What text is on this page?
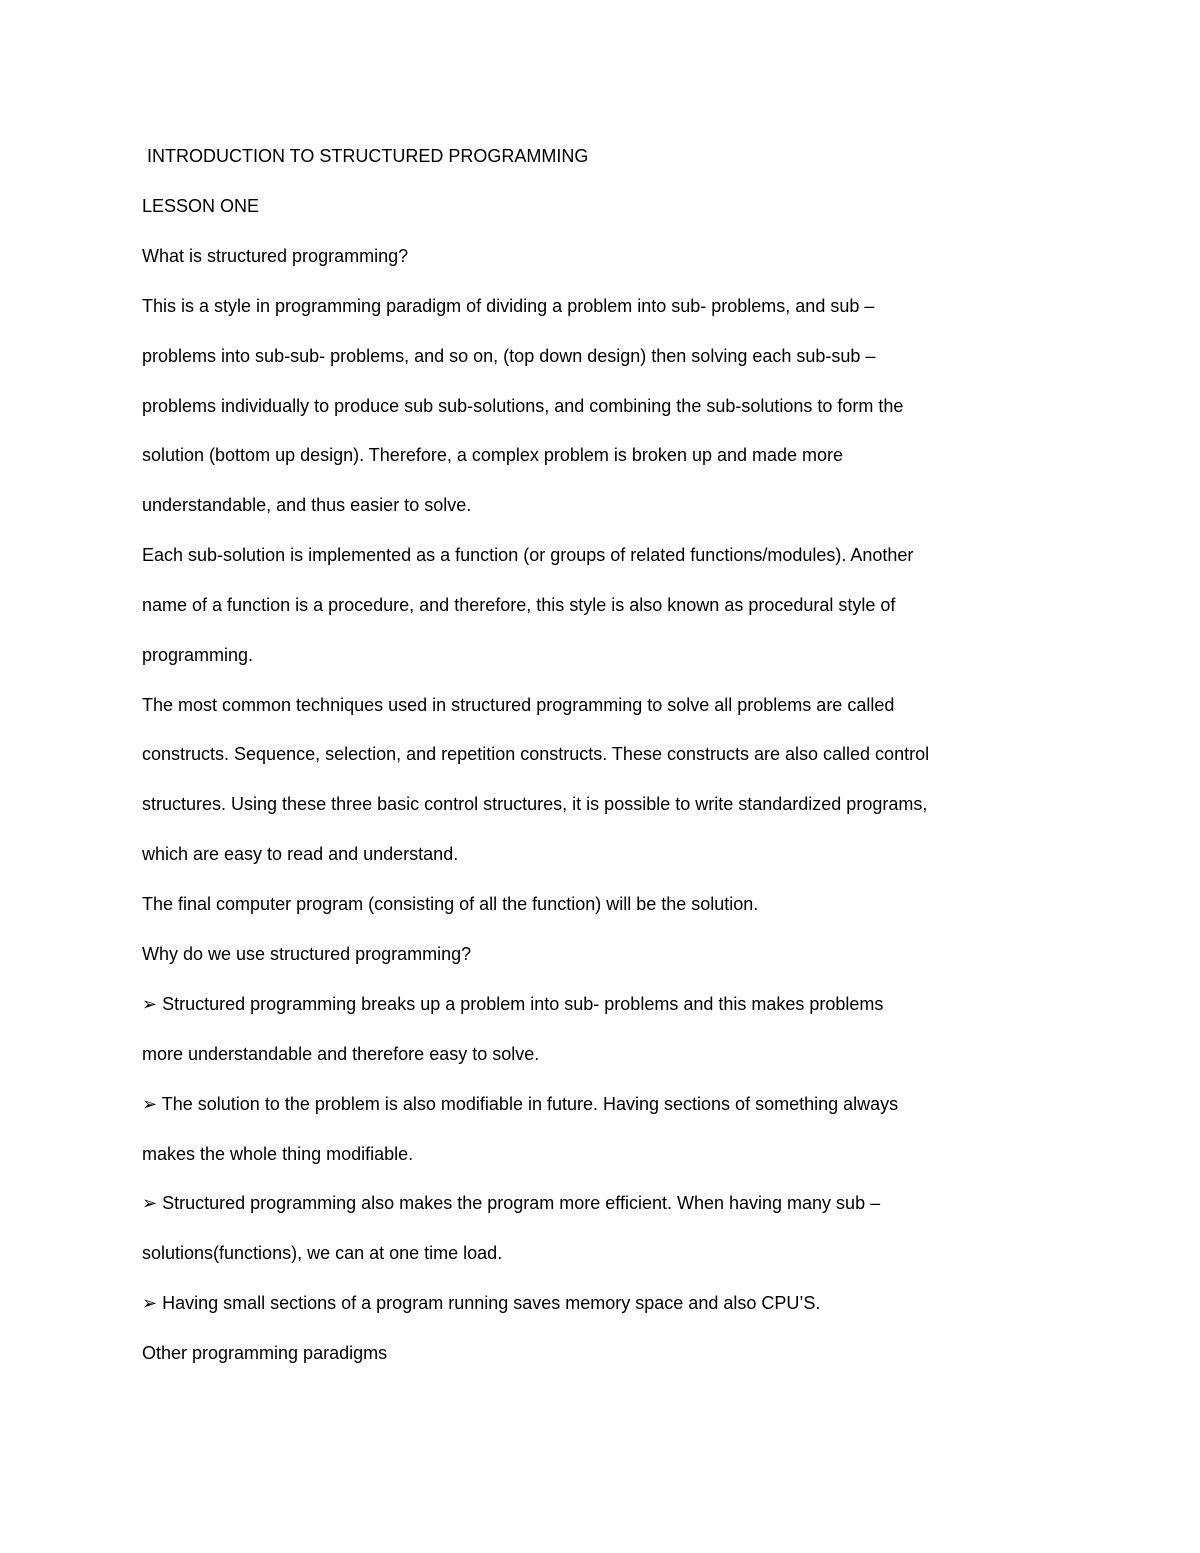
INTRODUCTION TO STRUCTURED PROGRAMMING
LESSON ONE
What is structured programming?
This is a style in programming paradigm of dividing a problem into sub- problems, and sub –
problems into sub-sub- problems, and so on, (top down design) then solving each sub-sub –
problems individually to produce sub sub-solutions, and combining the sub-solutions to form the
solution (bottom up design). Therefore, a complex problem is broken up and made more
understandable, and thus easier to solve.
Each sub-solution is implemented as a function (or groups of related functions/modules). Another
name of a function is a procedure, and therefore, this style is also known as procedural style of
programming.
The most common techniques used in structured programming to solve all problems are called
constructs. Sequence, selection, and repetition constructs. These constructs are also called control
structures. Using these three basic control structures, it is possible to write standardized programs,
which are easy to read and understand.
The final computer program (consisting of all the function) will be the solution.
Why do we use structured programming?
➢ Structured programming breaks up a problem into sub- problems and this makes problems
more understandable and therefore easy to solve.
➢ The solution to the problem is also modifiable in future. Having sections of something always
makes the whole thing modifiable.
➢ Structured programming also makes the program more efficient. When having many sub –
solutions(functions), we can at one time load.
➢ Having small sections of a program running saves memory space and also CPU’S.
Other programming paradigms
